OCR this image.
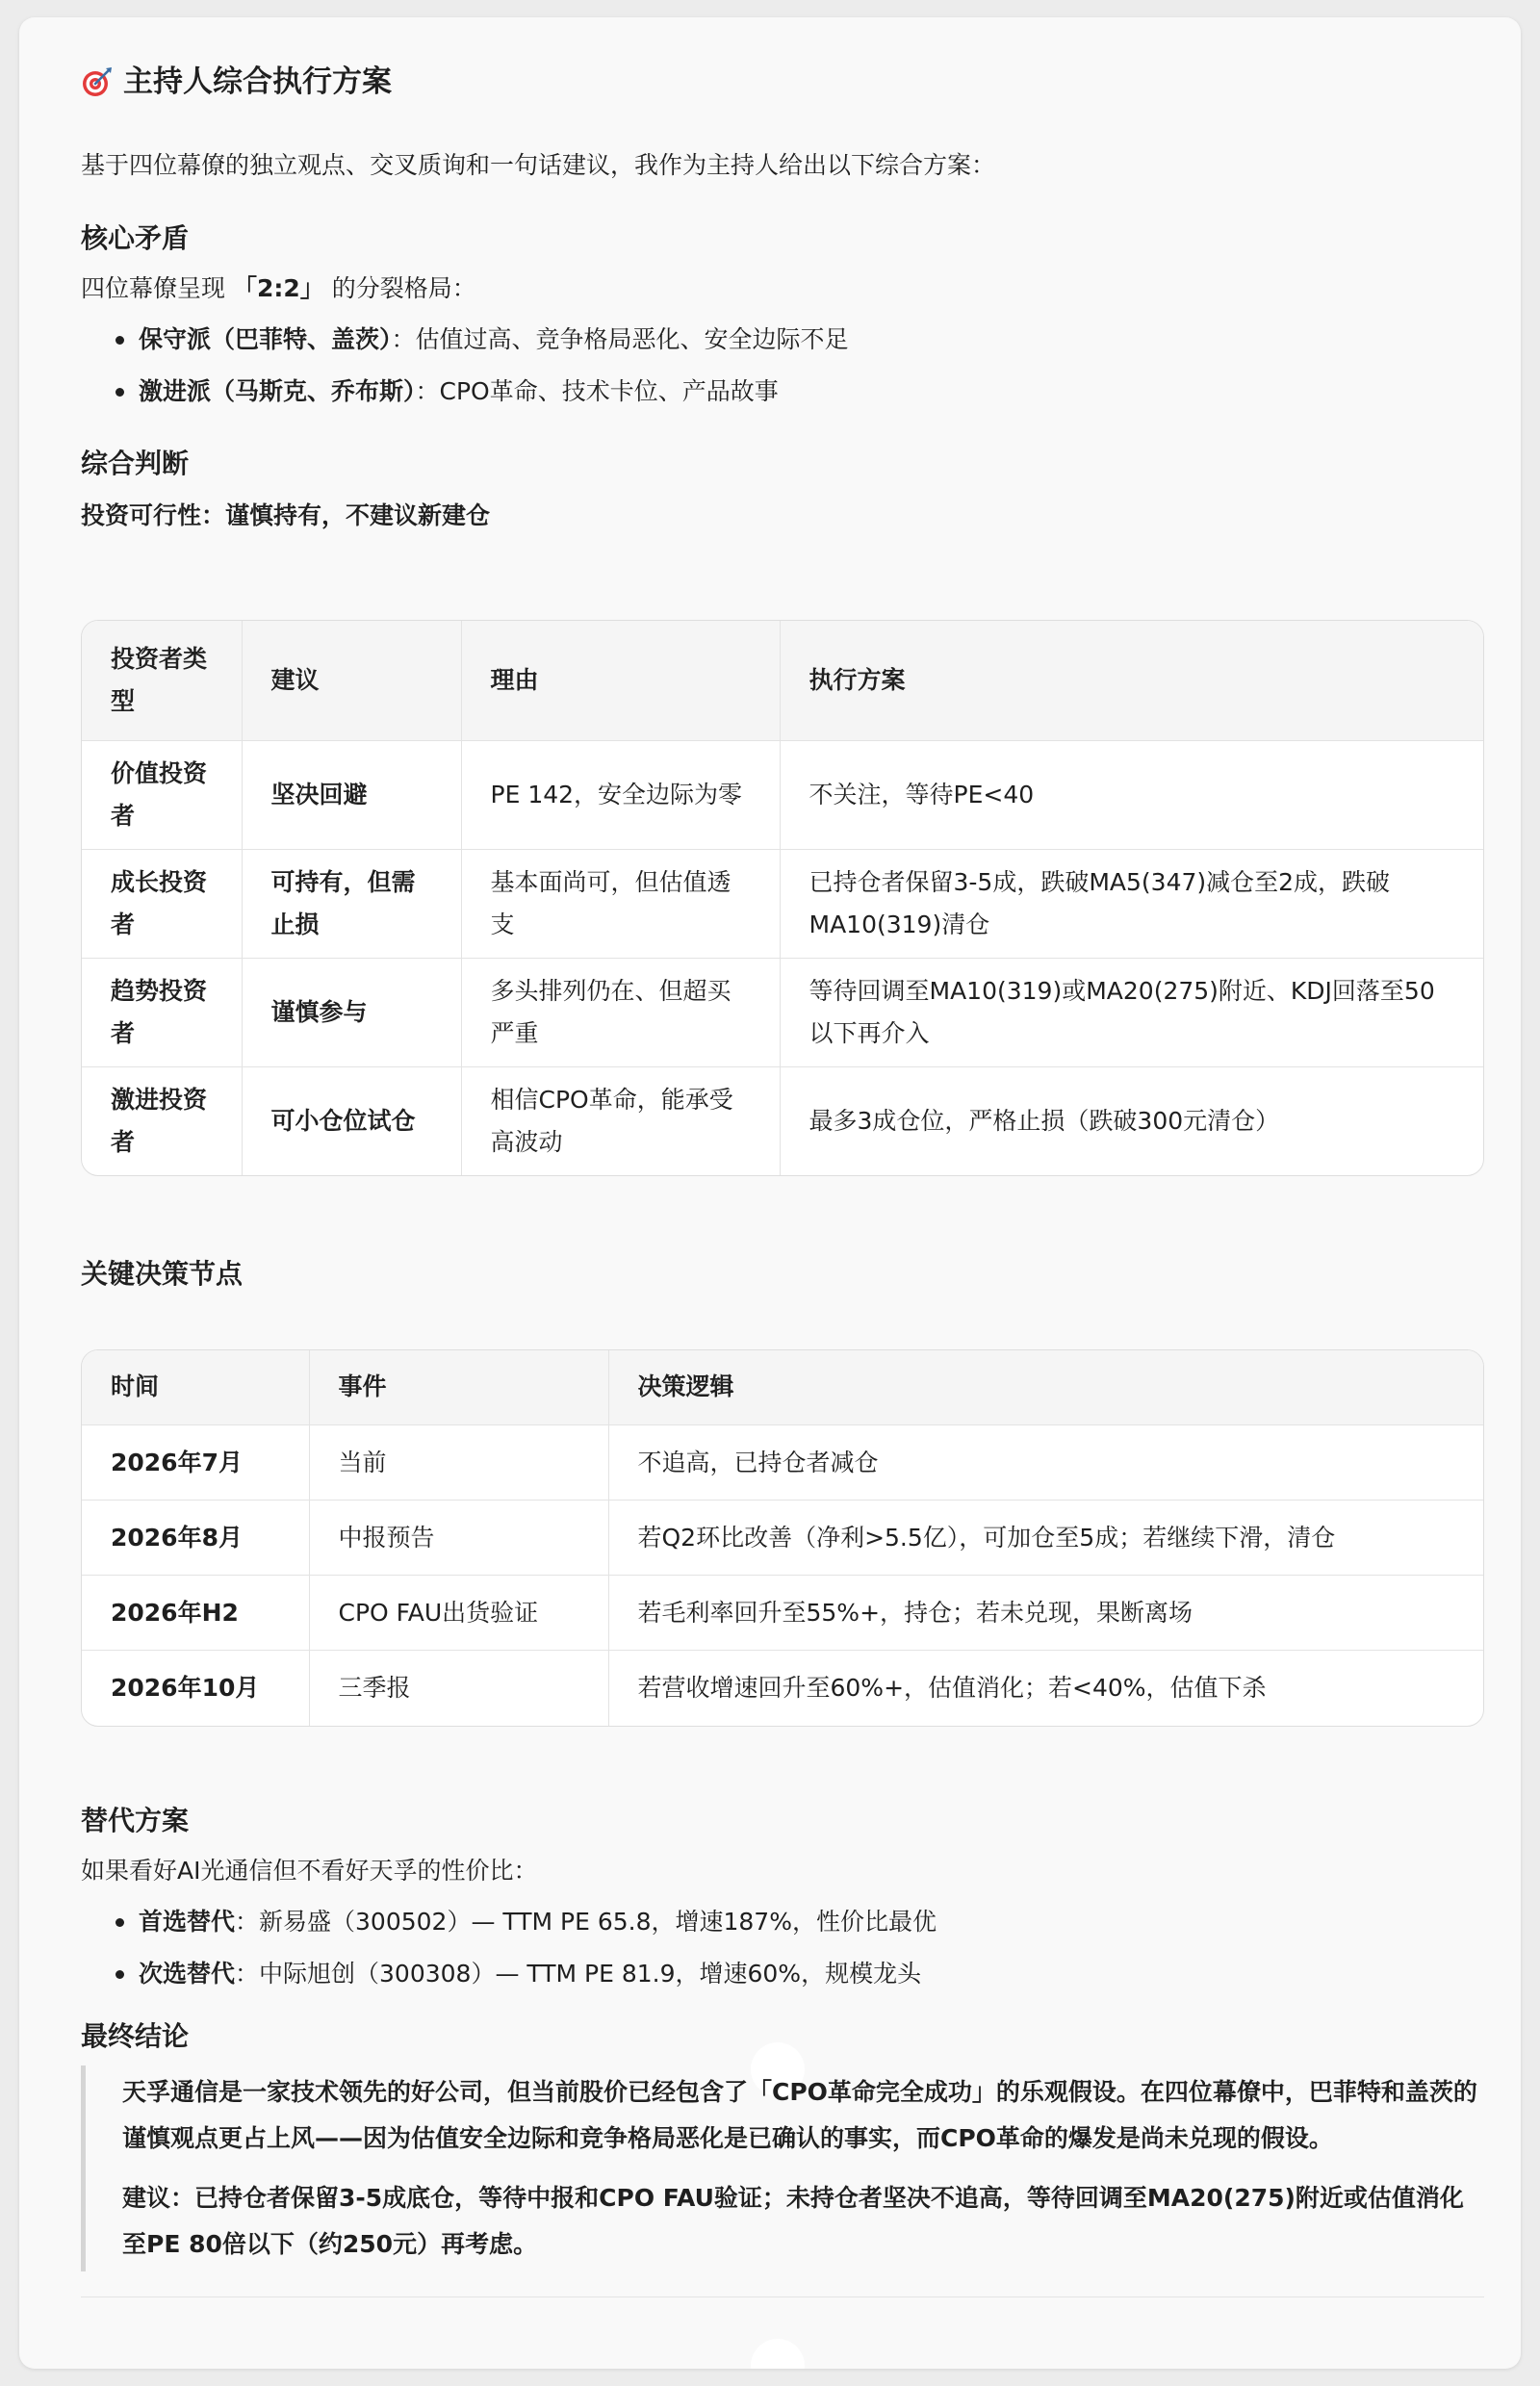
主持人综合执行方案

基于四位幕僚的独立观点、交叉质询和一句话建议，我作为主持人给出以下综合方案：

核心矛盾

四位幕僚呈现 「2:2」 的分裂格局：

保守派（巴菲特、盖茨）：估值过高、竞争格局恶化、安全边际不足
激进派（马斯克、乔布斯）：CPO革命、技术卡位、产品故事
综合判断

投资可行性：谨慎持有，不建议新建仓

投资者类型	建议	理由	执行方案
价值投资者	坚决回避	PE 142，安全边际为零	不关注，等待PE<40
成长投资者	可持有，但需止损	基本面尚可，但估值透支	已持仓者保留3-5成，跌破MA5(347)减仓至2成，跌破MA10(319)清仓
趋势投资者	谨慎参与	多头排列仍在、但超买严重	等待回调至MA10(319)或MA20(275)附近、KDJ回落至50以下再介入
激进投资者	可小仓位试仓	相信CPO革命，能承受高波动	最多3成仓位，严格止损（跌破300元清仓）
关键决策节点
时间	事件	决策逻辑
2026年7月	当前	不追高，已持仓者减仓
2026年8月	中报预告	若Q2环比改善（净利>5.5亿），可加仓至5成；若继续下滑，清仓
2026年H2	CPO FAU出货验证	若毛利率回升至55%+，持仓；若未兑现，果断离场
2026年10月	三季报	若营收增速回升至60%+，估值消化；若<40%，估值下杀
替代方案

如果看好AI光通信但不看好天孚的性价比：

首选替代：新易盛（300502）— TTM PE 65.8，增速187%，性价比最优
次选替代：中际旭创（300308）— TTM PE 81.9，增速60%，规模龙头
最终结论

天孚通信是一家技术领先的好公司，但当前股价已经包含了「CPO革命完全成功」的乐观假设。在四位幕僚中，巴菲特和盖茨的谨慎观点更占上风——因为估值安全边际和竞争格局恶化是已确认的事实，而CPO革命的爆发是尚未兑现的假设。

建议：已持仓者保留3-5成底仓，等待中报和CPO FAU验证；未持仓者坚决不追高，等待回调至MA20(275)附近或估值消化至PE 80倍以下（约250元）再考虑。
